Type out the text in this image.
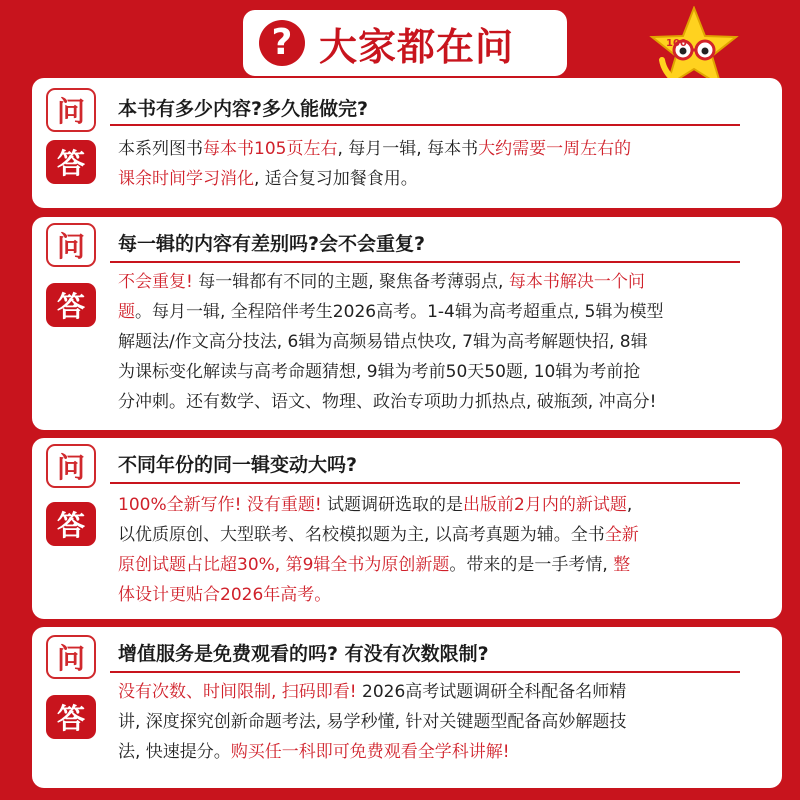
? 大家都在问	100
问	本书有多少内容?多久能做完?
答	本系列图书每本书105页左右, 每月一辑, 每本书大约需要一周左右的
课余时间学习消化, 适合复习加餐食用。
问	每一辑的内容有差别吗?会不会重复?
答
不会重复! 每一辑都有不同的主题, 聚焦备考薄弱点, 每本书解决一个问
题。每月一辑, 全程陪伴考生2026高考。1-4辑为高考超重点, 5辑为模型
解题法/作文高分技法, 6辑为高频易错点快攻, 7辑为高考解题快招, 8辑
为课标变化解读与高考命题猜想, 9辑为考前50天50题, 10辑为考前抢
分冲刺。还有数学、语文、物理、政治专项助力抓热点, 破瓶颈, 冲高分!
问	不同年份的同一辑变动大吗?
答
100%全新写作! 没有重题! 试题调研选取的是出版前2月内的新试题,
以优质原创、大型联考、名校模拟题为主, 以高考真题为辅。全书全新
原创试题占比超30%, 第9辑全书为原创新题。带来的是一手考情, 整
体设计更贴合2026年高考。
问	增值服务是免费观看的吗? 有没有次数限制?
答
没有次数、时间限制, 扫码即看! 2026高考试题调研全科配备名师精
讲, 深度探究创新命题考法, 易学秒懂, 针对关键题型配备高妙解题技
法, 快速提分。购买任一科即可免费观看全学科讲解!
